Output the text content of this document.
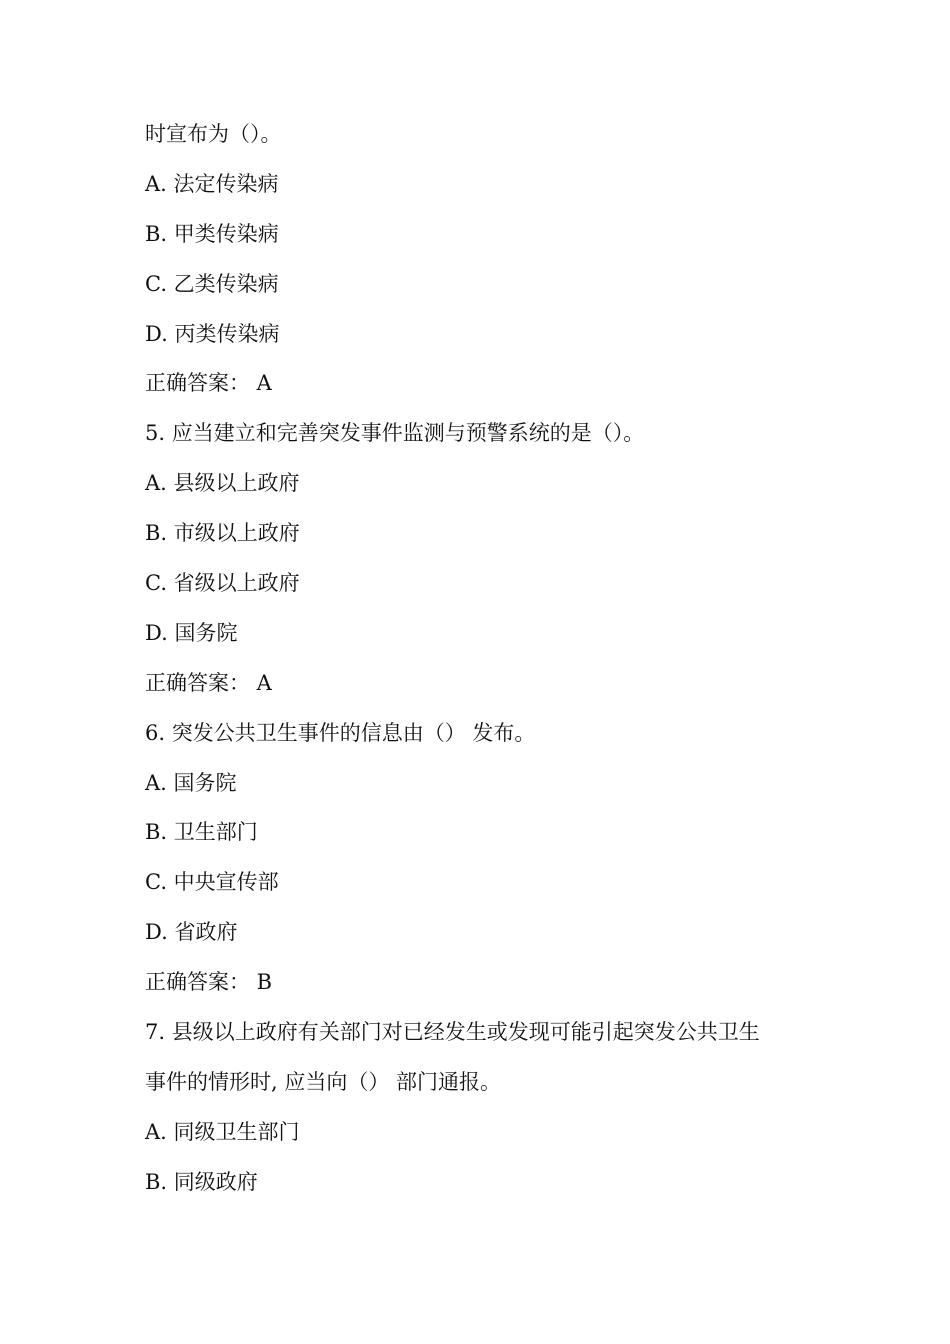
时宣布为（）。
A. 法定传染病
B. 甲类传染病
C. 乙类传染病
D. 丙类传染病
正确答案： A
5. 应当建立和完善突发事件监测与预警系统的是（）。
A. 县级以上政府
B. 市级以上政府
C. 省级以上政府
D. 国务院
正确答案： A
6. 突发公共卫生事件的信息由（） 发布。
A. 国务院
B. 卫生部门
C. 中央宣传部
D. 省政府
正确答案： B
7. 县级以上政府有关部门对已经发生或发现可能引起突发公共卫生
事件的情形时, 应当向（） 部门通报。
A. 同级卫生部门
B. 同级政府
